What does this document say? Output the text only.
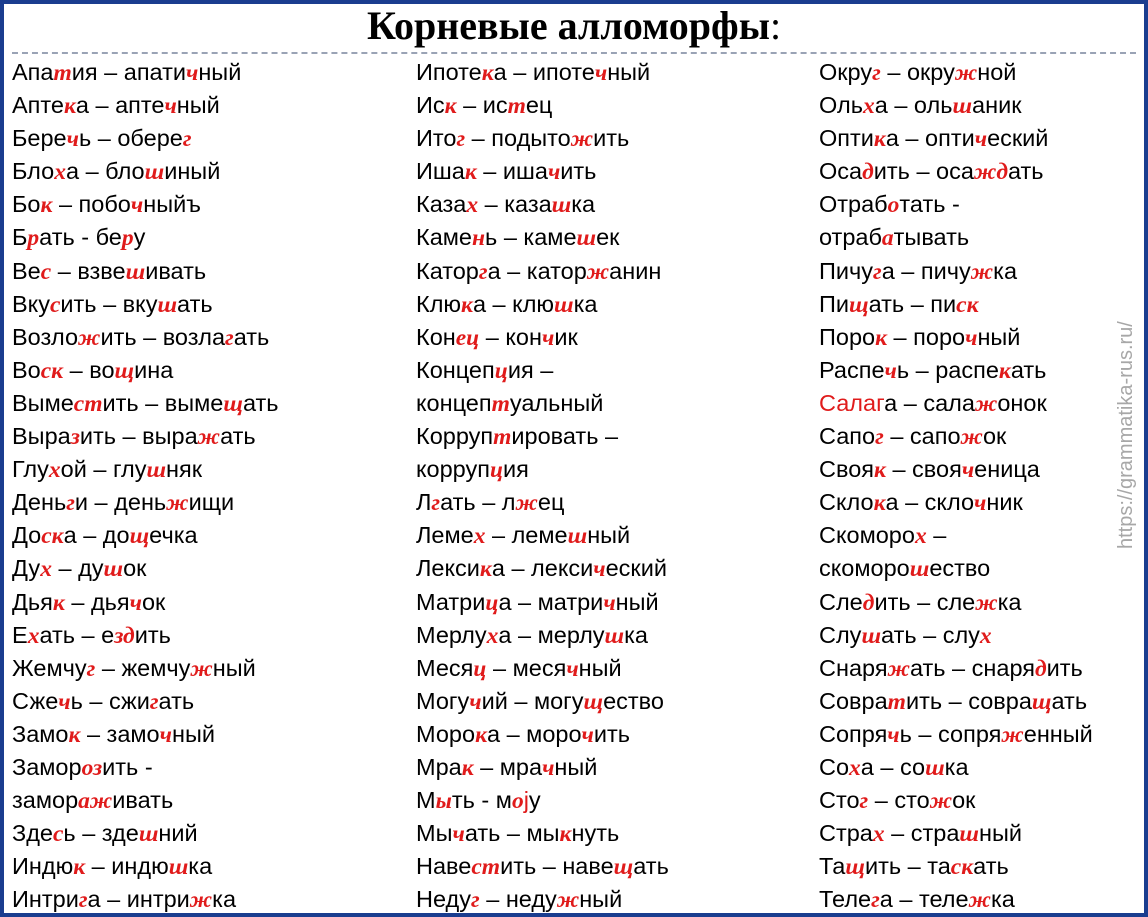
Корневые алломорфы:
Апатия – апатичный
Аптека – аптечный
Беречь – оберег
Блоха – блошиный
Бок – побочныйъ
Брать - беру
Вес – взвешивать
Вкусить – вкушать
Возложить – возлагать
Воск – вощина
Выместить – вымещать
Выразить – выражать
Глухой – глушняк
Деньги – деньжищи
Доска – дощечка
Дух – душок
Дьяк – дьячок
Ехать – ездить
Жемчуг – жемчужный
Сжечь – сжигать
Замок – замочный
Заморозить -
замораживать
Здесь – здешний
Индюк – индюшка
Интрига – интрижка
Ипотека – ипотечный
Иск – истец
Итог – подытожить
Ишак – ишачить
Казах – казашка
Камень – камешек
Каторга – каторжанин
Клюка – клюшка
Конец – кончик
Концепция –
концептуальный
Корруптировать –
коррупция
Лгать – лжец
Лемех – лемешный
Лексика – лексический
Матрица – матричный
Мерлуха – мерлушка
Месяц – месячный
Могучий – могущество
Морока – морочить
Мрак – мрачный
Мыть - моjу
Мычать – мыкнуть
Навестить – навещать
Недуг – недужный
Округ – окружной
Ольха – ольшаник
Оптика – оптический
Осадить – осаждать
Отработать -
отрабатывать
Пичуга – пичужка
Пищать – писк
Порок – порочный
Распечь – распекать
Салага – салажонок
Сапог – сапожок
Свояк – свояченица
Склока – склочник
Скоморох –
скоморошество
Следить – слежка
Слушать – слух
Снаряжать – снарядить
Совратить – совращать
Сопрячь – сопряженный
Соха – сошка
Стог – стожок
Страх – страшный
Тащить – таскать
Телега – тележка
https://grammatika-rus.ru/
